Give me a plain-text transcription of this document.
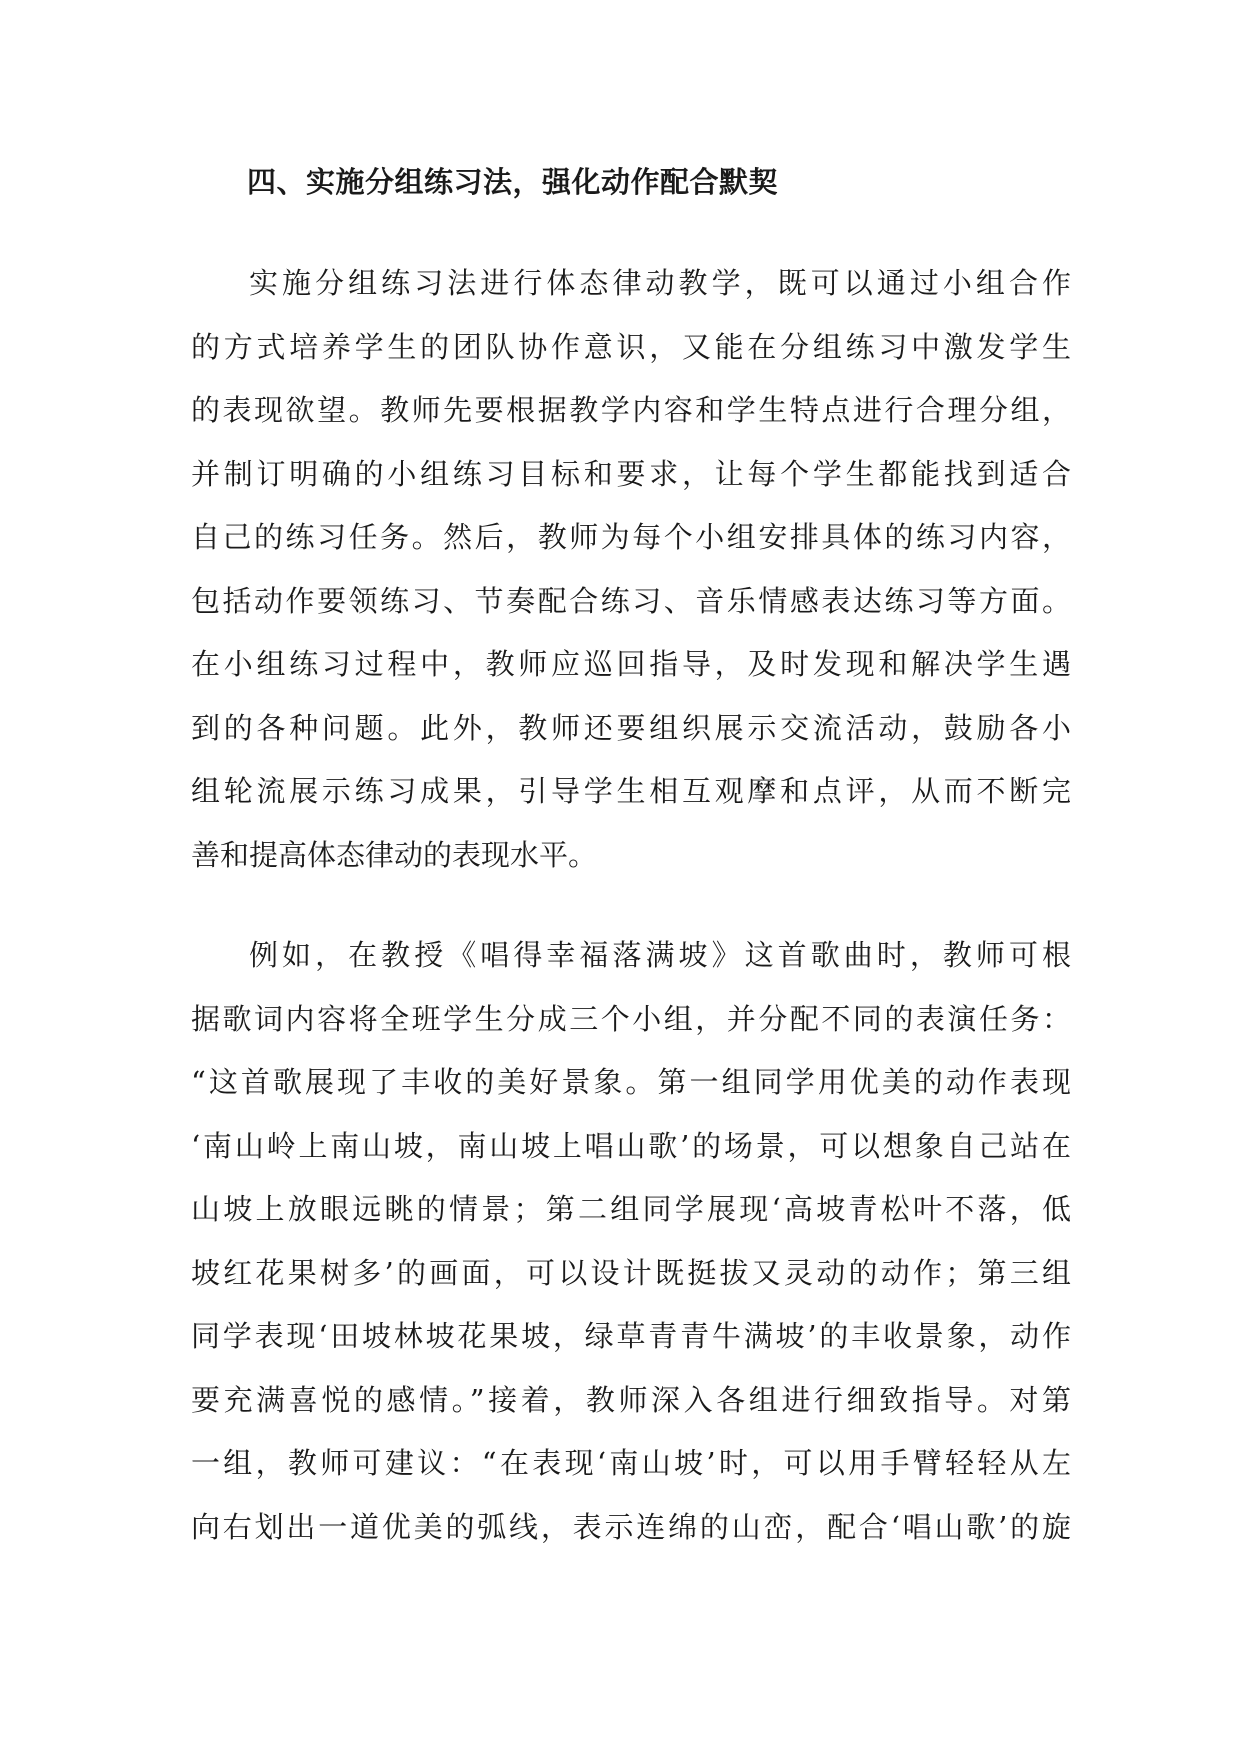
四、实施分组练习法，强化动作配合默契
实施分组练习法进行体态律动教学，既可以通过小组合作
的方式培养学生的团队协作意识，又能在分组练习中激发学生
的表现欲望。教师先要根据教学内容和学生特点进行合理分组，
并制订明确的小组练习目标和要求，让每个学生都能找到适合
自己的练习任务。然后，教师为每个小组安排具体的练习内容，
包括动作要领练习、节奏配合练习、音乐情感表达练习等方面。
在小组练习过程中，教师应巡回指导，及时发现和解决学生遇
到的各种问题。此外，教师还要组织展示交流活动，鼓励各小
组轮流展示练习成果，引导学生相互观摩和点评，从而不断完
善和提高体态律动的表现水平。
例如，在教授《唱得幸福落满坡》这首歌曲时，教师可根
据歌词内容将全班学生分成三个小组，并分配不同的表演任务：
“这首歌展现了丰收的美好景象。第一组同学用优美的动作表现
‘南山岭上南山坡，南山坡上唱山歌’的场景，可以想象自己站在
山坡上放眼远眺的情景；第二组同学展现‘高坡青松叶不落，低
坡红花果树多’的画面，可以设计既挺拔又灵动的动作；第三组
同学表现‘田坡林坡花果坡，绿草青青牛满坡’的丰收景象，动作
要充满喜悦的感情。”接着，教师深入各组进行细致指导。对第
一组，教师可建议：“在表现‘南山坡’时，可以用手臂轻轻从左
向右划出一道优美的弧线，表示连绵的山峦，配合‘唱山歌’的旋
